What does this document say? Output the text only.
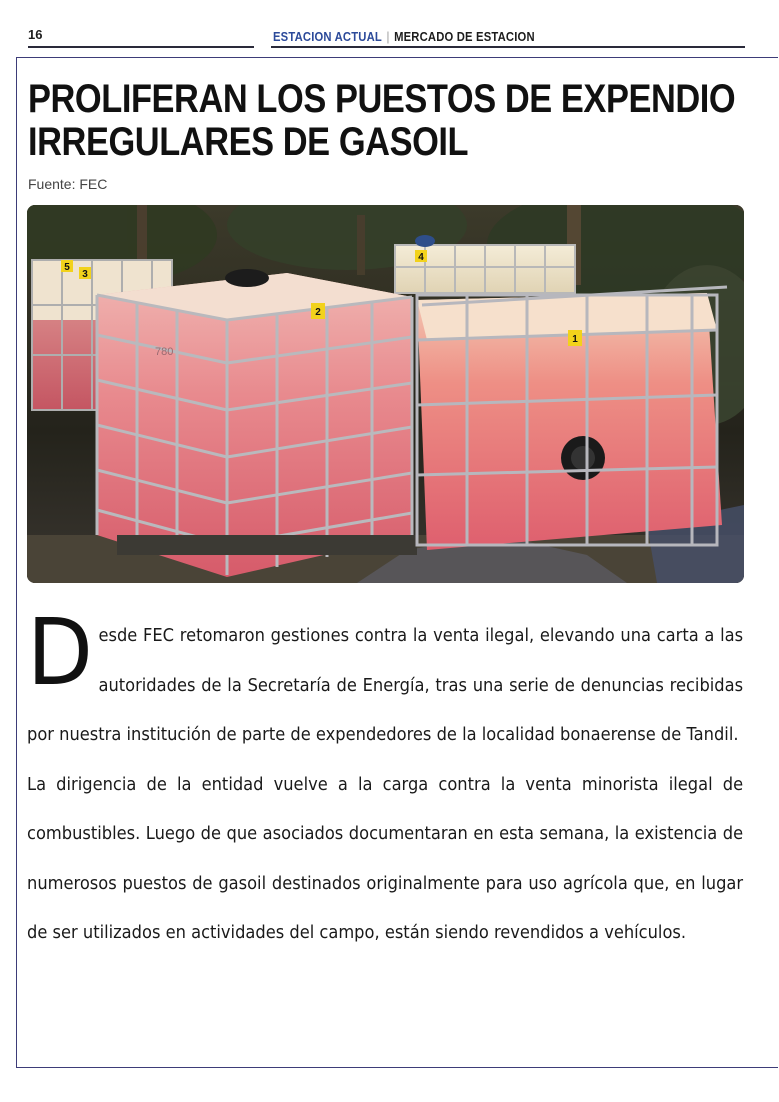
16	ESTACION ACTUAL | MERCADO DE ESTACION
PROLIFERAN LOS PUESTOS DE EXPENDIO
IRREGULARES DE GASOIL
Fuente: FEC
5
3
2
1
4
780

Desde FEC retomaron gestiones contra la venta ilegal, elevando una carta a las autoridades de la Secretaría de Energía, tras una serie de denuncias recibidas por nuestra institución de parte de expendedores de la localidad bonaerense de Tandil.

La dirigencia de la entidad vuelve a la carga contra la venta minorista ilegal de combustibles. Luego de que asociados documentaran en esta semana, la existencia de numerosos puestos de gasoil destinados originalmente para uso agrícola que, en lugar de ser utilizados en actividades del campo, están siendo revendidos a vehículos.
